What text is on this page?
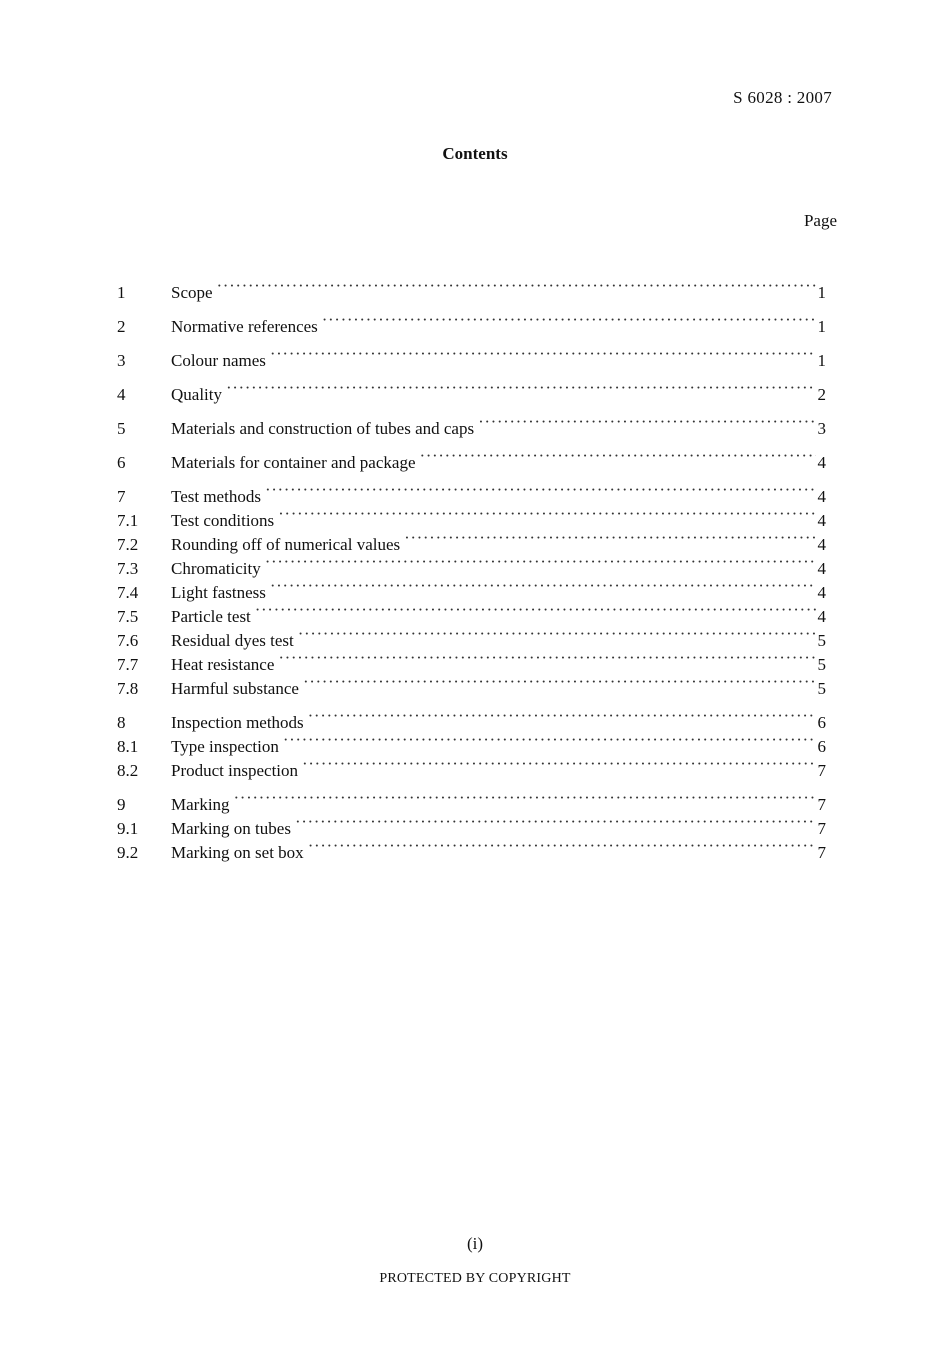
S 6028 : 2007
Contents
Page
1	Scope ·····	1
2	Normative references ·····	1
3	Colour names ·····	1
4	Quality ·····	2
5	Materials and construction of tubes and caps ·····	3
6	Materials for container and package ·····	4
7	Test methods ·····	4
7.1	Test conditions ·····	4
7.2	Rounding off of numerical values ·····	4
7.3	Chromaticity ·····	4
7.4	Light fastness ·····	4
7.5	Particle test ·····	4
7.6	Residual dyes test ·····	5
7.7	Heat resistance ·····	5
7.8	Harmful substance ·····	5
8	Inspection methods ·····	6
8.1	Type inspection ·····	6
8.2	Product inspection ·····	7
9	Marking ·····	7
9.1	Marking on tubes ·····	7
9.2	Marking on set box ·····	7
(i)
PROTECTED BY COPYRIGHT
